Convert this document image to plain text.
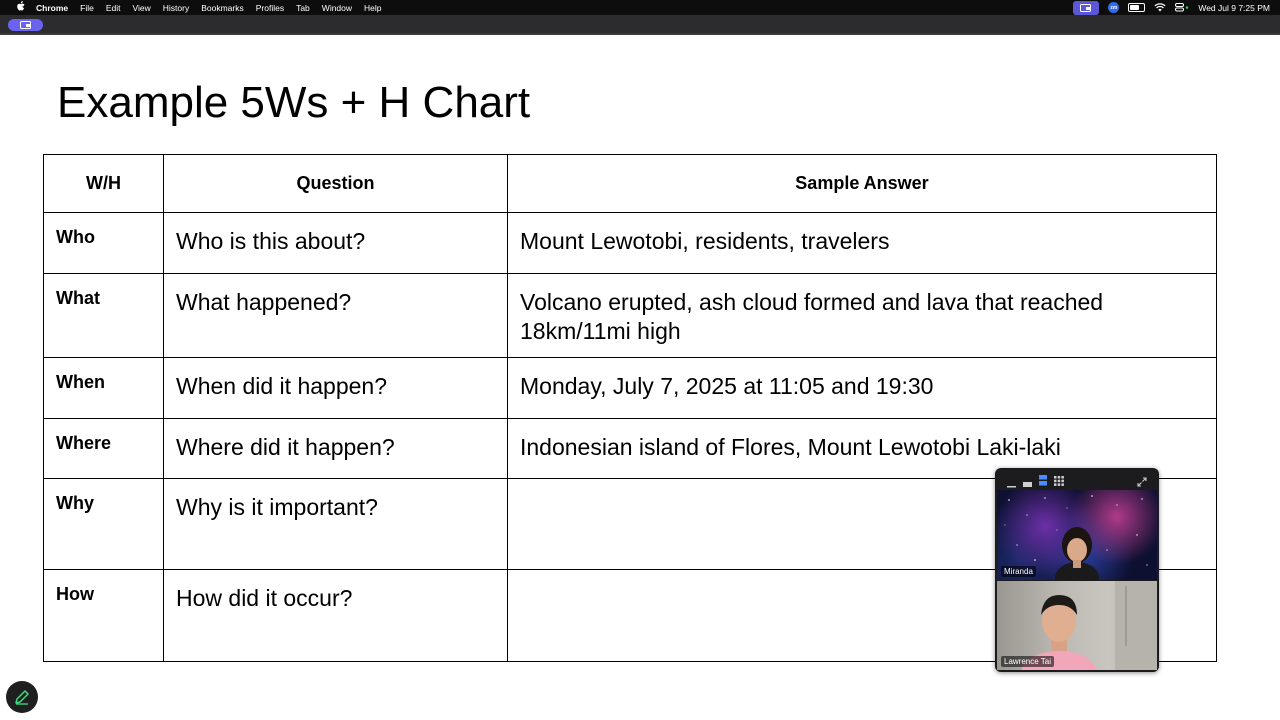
Chrome File Edit View History Bookmarks Profiles Tab Window Help	zm	Wed Jul 9 7:25 PM
Example 5Ws + H Chart
W/H	Question	Sample Answer
Who	Who is this about?	Mount Lewotobi, residents, travelers
What	What happened?	Volcano erupted, ash cloud formed and lava that reached 18km/11mi high
When	When did it happen?	Monday, July 7, 2025 at 11:05 and 19:30
Where	Where did it happen?	Indonesian island of Flores, Mount Lewotobi Laki-laki
Why	Why is it important?	
How	How did it occur?	
Miranda
Lawrence Tai
